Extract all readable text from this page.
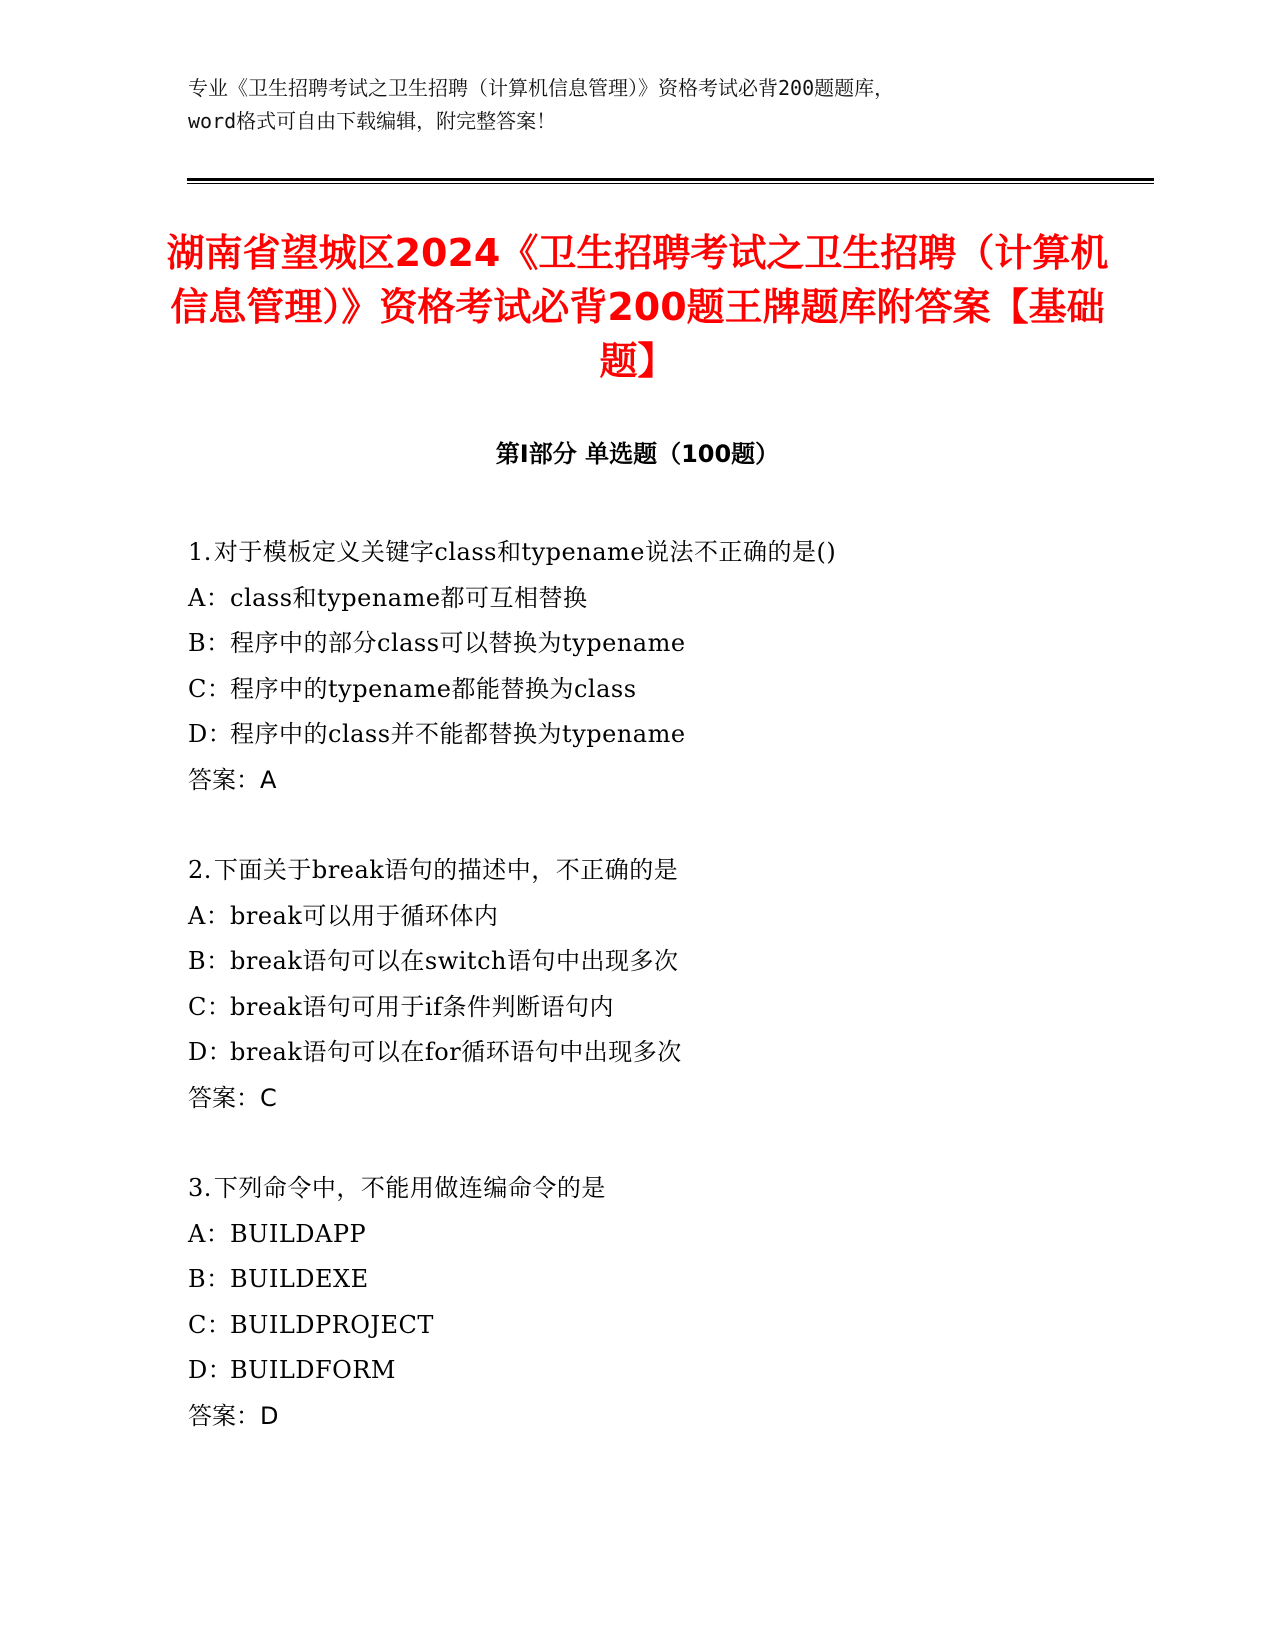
专业《卫生招聘考试之卫生招聘（计算机信息管理）》资格考试必背200题题库，
word格式可自由下载编辑，附完整答案！
湖南省望城区2024《卫生招聘考试之卫生招聘（计算机信息管理）》资格考试必背200题王牌题库附答案【基础题】
第Ⅰ部分 单选题（100题）
1.对于模板定义关键字class和typename说法不正确的是()
A：class和typename都可互相替换
B：程序中的部分class可以替换为typename
C：程序中的typename都能替换为class
D：程序中的class并不能都替换为typename
答案：A
2.下面关于break语句的描述中，不正确的是
A：break可以用于循环体内
B：break语句可以在switch语句中出现多次
C：break语句可用于if条件判断语句内
D：break语句可以在for循环语句中出现多次
答案：C
3.下列命令中，不能用做连编命令的是
A：BUILDAPP
B：BUILDEXE
C：BUILDPROJECT
D：BUILDFORM
答案：D
